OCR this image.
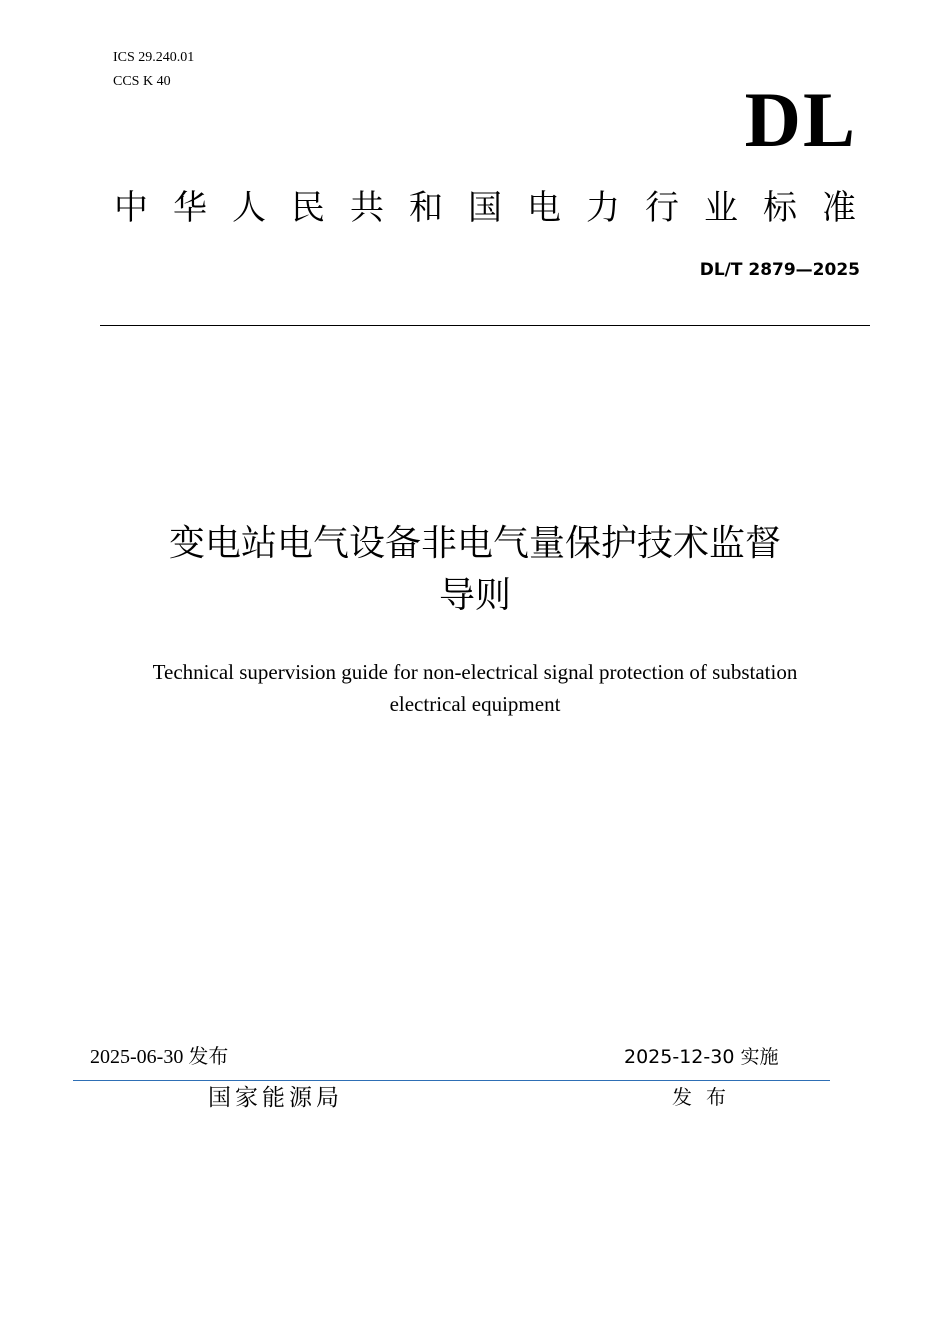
ICS 29.240.01
CCS K 40	DL
中华人民共和国电力行业标准
DL/T 2879—2025
变电站电气设备非电气量保护技术监督
导则
Technical supervision guide for non-electrical signal protection of substation
electrical equipment
2025-06-30 发布	2025-12-30 实施
国家能源局	发布
